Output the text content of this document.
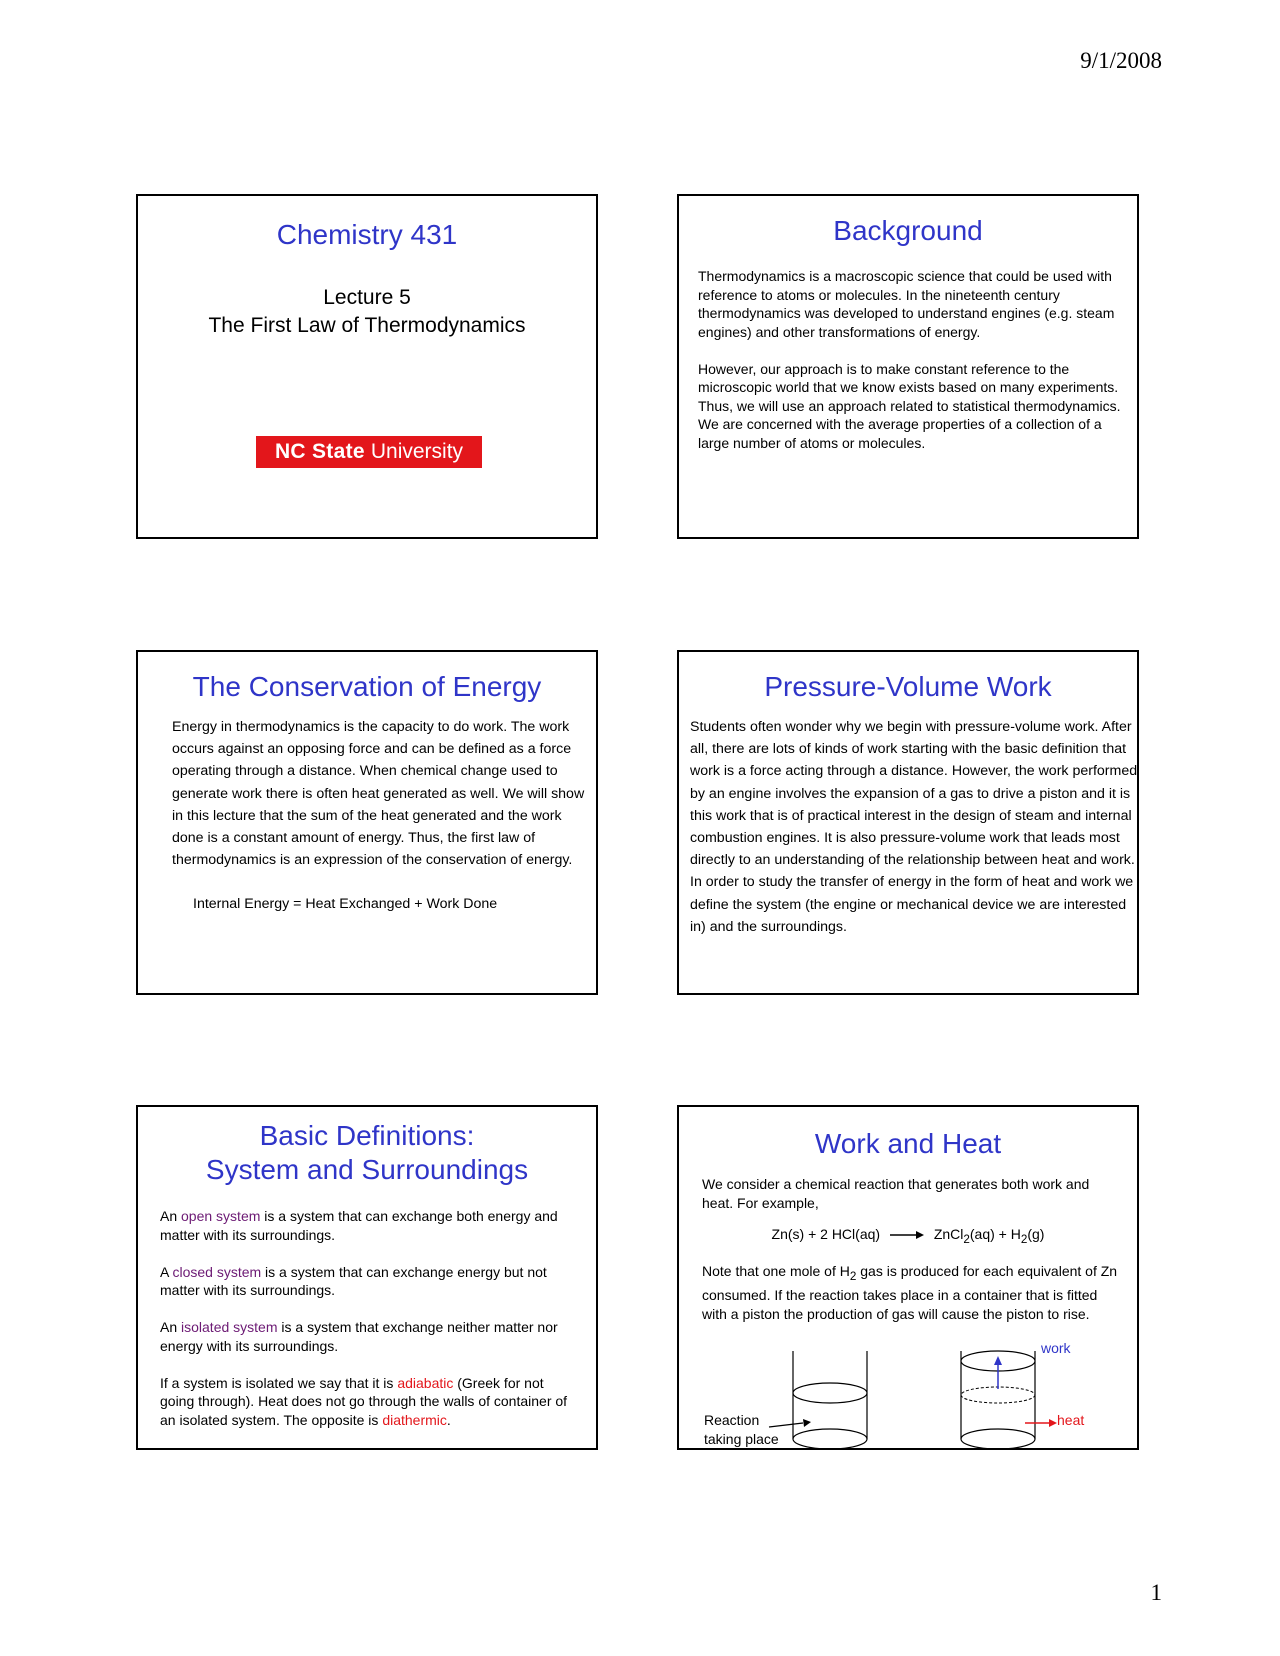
9/1/2008
Chemistry 431
Lecture 5
The First Law of Thermodynamics
NC State University
Background

Thermodynamics is a macroscopic science that could be used with reference to atoms or molecules. In the nineteenth century thermodynamics was developed to understand engines (e.g. steam engines) and other transformations of energy.

However, our approach is to make constant reference to the microscopic world that we know exists based on many experiments. Thus, we will use an approach related to statistical thermodynamics. We are concerned with the average properties of a collection of a large number of atoms or molecules.

The Conservation of Energy

Energy in thermodynamics is the capacity to do work. The work occurs against an opposing force and can be defined as a force operating through a distance. When chemical change used to generate work there is often heat generated as well. We will show in this lecture that the sum of the heat generated and the work done is a constant amount of energy. Thus, the first law of thermodynamics is an expression of the conservation of energy.

Internal Energy = Heat Exchanged + Work Done

Pressure-Volume Work

Students often wonder why we begin with pressure-volume work. After all, there are lots of kinds of work starting with the basic definition that work is a force acting through a distance. However, the work performed by an engine involves the expansion of a gas to drive a piston and it is this work that is of practical interest in the design of steam and internal combustion engines. It is also pressure-volume work that leads most directly to an understanding of the relationship between heat and work. In order to study the transfer of energy in the form of heat and work we define the system (the engine or mechanical device we are interested in) and the surroundings.

Basic Definitions:
System and Surroundings

An open system is a system that can exchange both energy and matter with its surroundings.

A closed system is a system that can exchange energy but not matter with its surroundings.

An isolated system is a system that exchange neither matter nor energy with its surroundings.

If a system is isolated we say that it is adiabatic (Greek for not going through). Heat does not go through the walls of container of an isolated system. The opposite is diathermic.

Work and Heat

We consider a chemical reaction that generates both work and heat. For example,

Zn(s) + 2 HCl(aq) → ZnCl$_2$(aq) + $H_2(g)$

Note that one mole of $H_2$ gas is produced for each equivalent of Zn consumed. If the reaction takes place in a container that is fitted with a piston the production of gas will cause the piston to rise.

Reaction
taking place
work
heat
1
